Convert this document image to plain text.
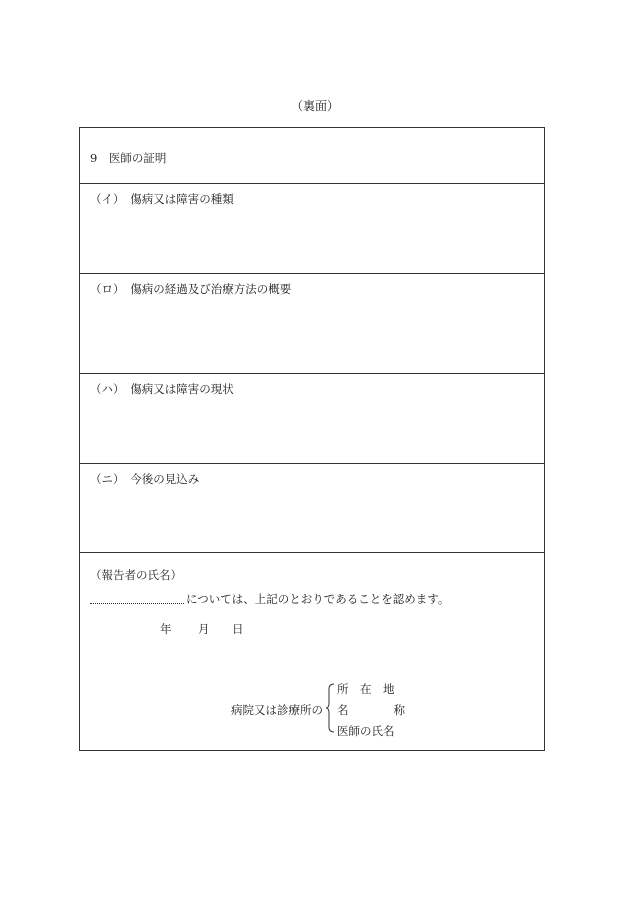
（裏面）
9　医師の証明
（イ）　傷病又は障害の種類
（ロ）　傷病の経過及び治療方法の概要
（ハ）　傷病又は障害の現状
（ニ）　今後の見込み
（報告者の氏名）
については、上記のとおりであることを認めます。
年 月 日
病院又は診療所の
所　在　地
名	称
医師の氏名
